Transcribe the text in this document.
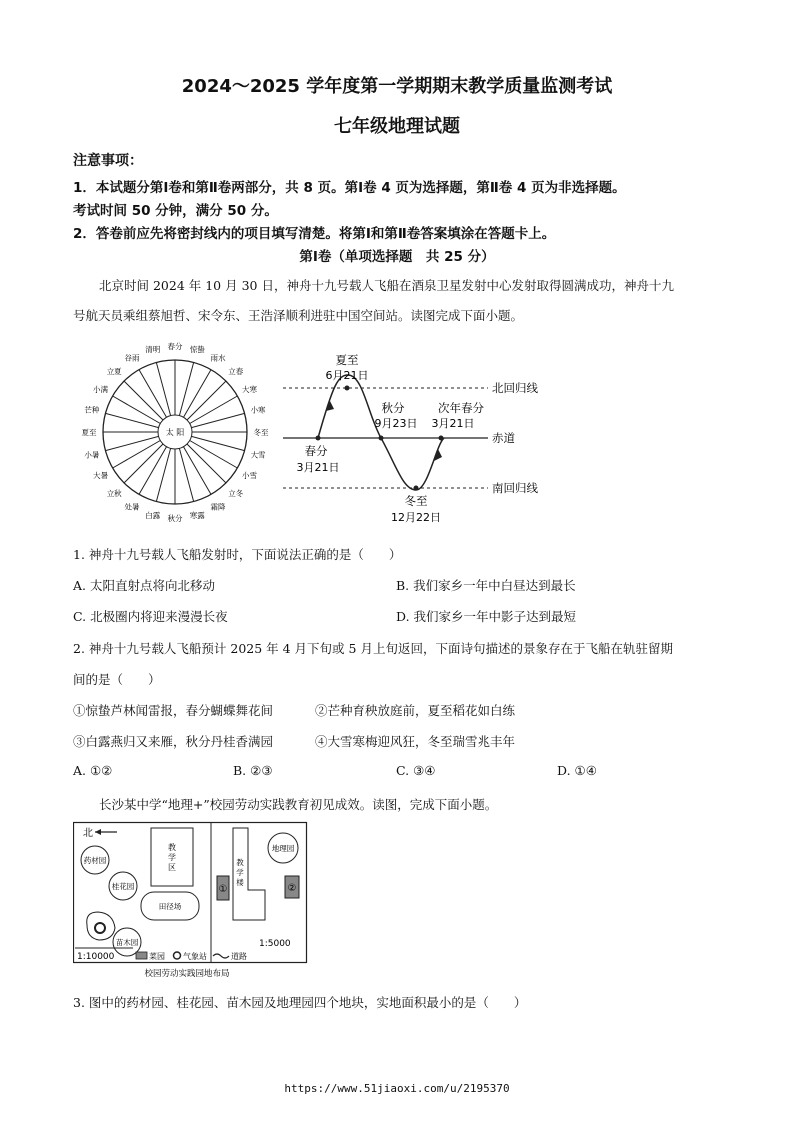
2024～2025 学年度第一学期期末教学质量监测考试
七年级地理试题
注意事项：
1．本试题分第Ⅰ卷和第Ⅱ卷两部分，共 8 页。第Ⅰ卷 4 页为选择题，第Ⅱ卷 4 页为非选择题。
考试时间 50 分钟，满分 50 分。
2．答卷前应先将密封线内的项目填写清楚。将第Ⅰ和第Ⅱ卷答案填涂在答题卡上。
第Ⅰ卷（单项选择题　共 25 分）
北京时间 2024 年 10 月 30 日，神舟十九号载人飞船在酒泉卫星发射中心发射取得圆满成功，神舟十九
号航天员乘组蔡旭哲、宋令东、王浩泽顺利进驻中国空间站。读图完成下面小题。
太 阳
春分 惊蛰
雨水
立春
大寒
小寒
冬至
大雪
小雪
立冬
霜降
寒露
秋分
白露
处暑
立秋
大暑
小暑
夏至
芒种
小满
立夏
谷雨
清明
夏至
6月21日
秋分
9月23日
次年春分
3月21日
春分
3月21日
冬至
12月22日
北回归线
赤道
南回归线
1. 神舟十九号载人飞船发射时，下面说法正确的是（　　）
A. 太阳直射点将向北移动	B. 我们家乡一年中白昼达到最长
C. 北极圈内将迎来漫漫长夜	D. 我们家乡一年中影子达到最短
2. 神舟十九号载人飞船预计 2025 年 4 月下旬或 5 月上旬返回，下面诗句描述的景象存在于飞船在轨驻留期
间的是（　　）
①惊蛰芦林闻雷报，春分蝴蝶舞花间	②芒种育秧放庭前，夏至稻花如白练
③白露燕归又来雁，秋分丹桂香满园	④大雪寒梅迎风狂，冬至瑞雪兆丰年
A. ①②	B. ②③	C. ③④	D. ①④
长沙某中学“地理+”校园劳动实践教育初见成效。读图，完成下面小题。
北
药材园
桂花园
苗木园
教
学
区
田径场
教
学
楼
地理园
①	②
1:5000
1:10000	菜园 气象站	道路
校园劳动实践园地布局
3. 图中的药材园、桂花园、苗木园及地理园四个地块，实地面积最小的是（　　）
https://www.51jiaoxi.com/u/2195370
